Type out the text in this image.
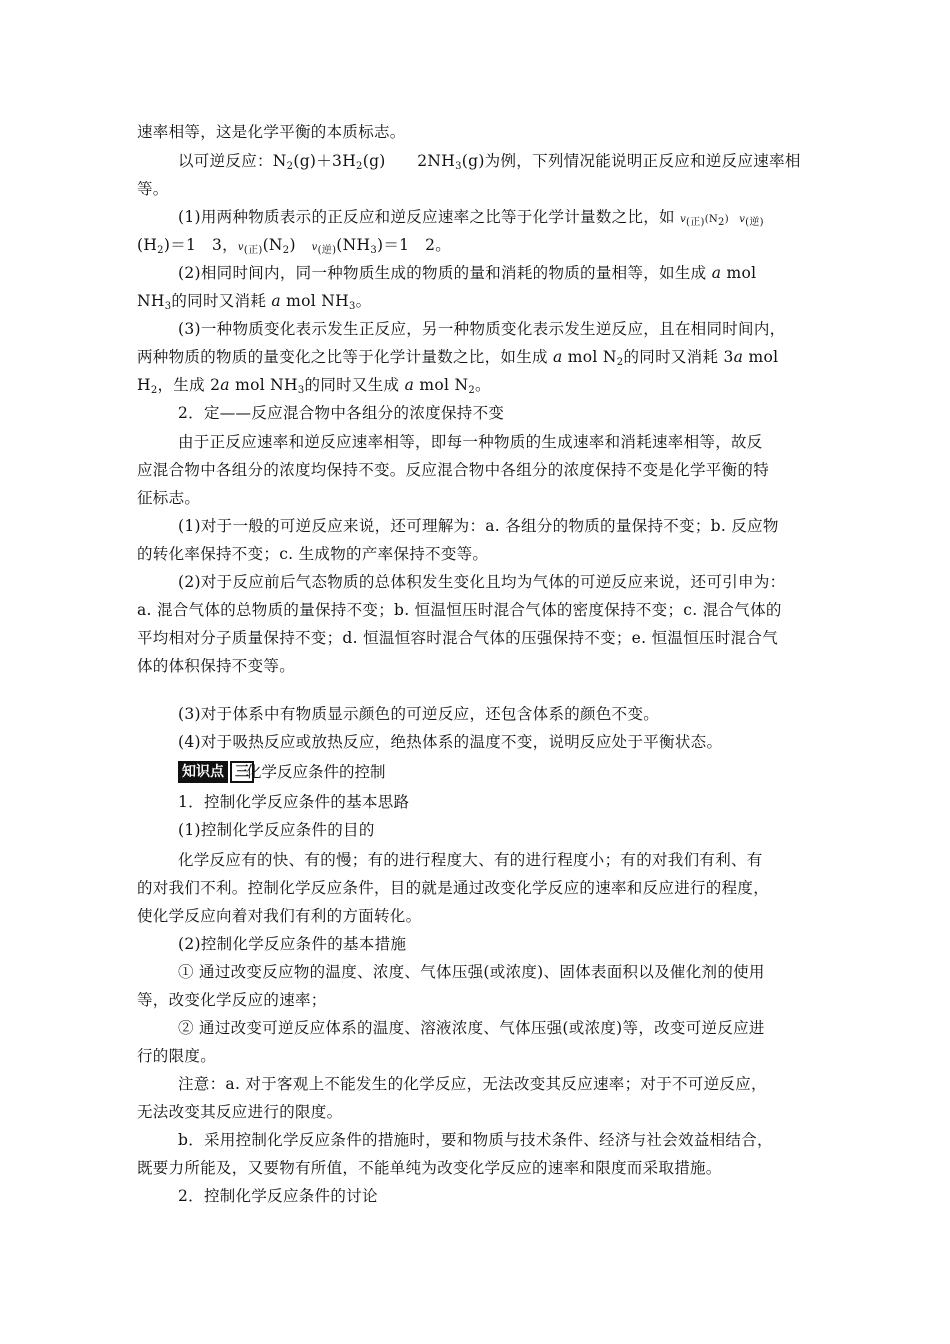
速率相等，这是化学平衡的本质标志。
以可逆反应：$N_2(g)+3H_2(g)$　　$2NH_3(g)$为例，下列情况能说明正反应和逆反应速率相
等。
(1)用两种物质表示的正反应和逆反应速率之比等于化学计量数之比，如 $v_{(正)}(N_2)$　$v_{(逆)}$
$(H_2)=1$　3，$v_{(正)}(N_2)$　$v_{(逆)}(NH_3)=1$　2。
(2)相同时间内，同一种物质生成的物质的量和消耗的物质的量相等，如生成 a mol
$NH_3$的同时又消耗 a mol $NH_3$。
(3)一种物质变化表示发生正反应，另一种物质变化表示发生逆反应，且在相同时间内，
两种物质的物质的量变化之比等于化学计量数之比，如生成 a mol $N_2$的同时又消耗 3a mol
$H_2$，生成 2a mol $NH_3$的同时又生成 a mol $N_2$。
2．定——反应混合物中各组分的浓度保持不变
由于正反应速率和逆反应速率相等，即每一种物质的生成速率和消耗速率相等，故反
应混合物中各组分的浓度均保持不变。反应混合物中各组分的浓度保持不变是化学平衡的特
征标志。
(1)对于一般的可逆反应来说，还可理解为：a. 各组分的物质的量保持不变；b. 反应物
的转化率保持不变；c. 生成物的产率保持不变等。
(2)对于反应前后气态物质的总体积发生变化且均为气体的可逆反应来说，还可引申为：
a. 混合气体的总物质的量保持不变；b. 恒温恒压时混合气体的密度保持不变；c. 混合气体的
平均相对分子质量保持不变；d. 恒温恒容时混合气体的压强保持不变；e. 恒温恒压时混合气
体的体积保持不变等。
(3)对于体系中有物质显示颜色的可逆反应，还包含体系的颜色不变。
(4)对于吸热反应或放热反应，绝热体系的温度不变，说明反应处于平衡状态。
知识点 三
化学反应条件的控制
1．控制化学反应条件的基本思路
(1)控制化学反应条件的目的
化学反应有的快、有的慢；有的进行程度大、有的进行程度小；有的对我们有利、有
的对我们不利。控制化学反应条件，目的就是通过改变化学反应的速率和反应进行的程度，
使化学反应向着对我们有利的方面转化。
(2)控制化学反应条件的基本措施
① 通过改变反应物的温度、浓度、气体压强(或浓度)、固体表面积以及催化剂的使用
等，改变化学反应的速率；
② 通过改变可逆反应体系的温度、溶液浓度、气体压强(或浓度)等，改变可逆反应进
行的限度。
注意：a. 对于客观上不能发生的化学反应，无法改变其反应速率；对于不可逆反应，
无法改变其反应进行的限度。
b．采用控制化学反应条件的措施时，要和物质与技术条件、经济与社会效益相结合，
既要力所能及，又要物有所值，不能单纯为改变化学反应的速率和限度而采取措施。
2．控制化学反应条件的讨论
